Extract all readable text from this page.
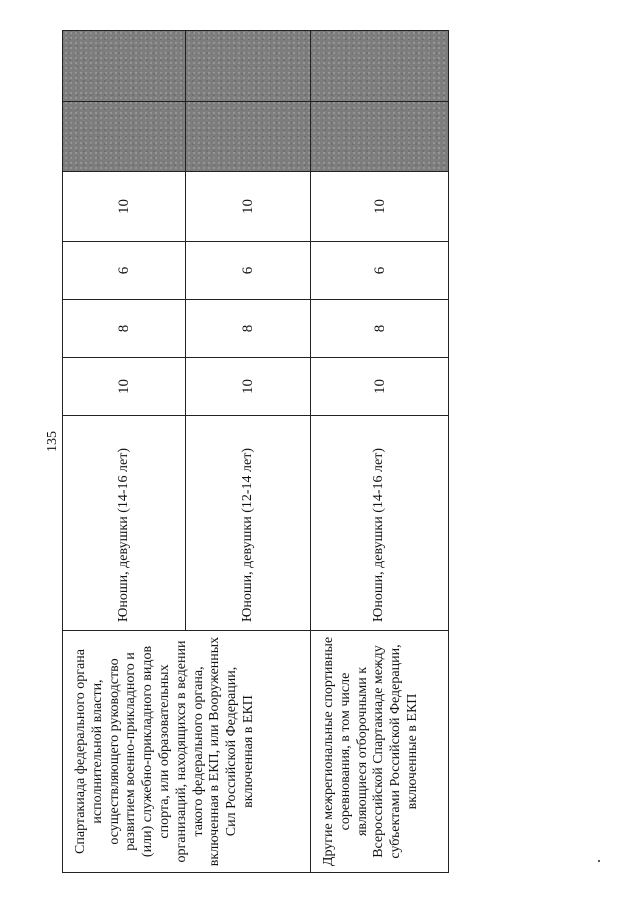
135
Спартакиада федерального органа исполнительной власти, осуществляющего руководство развитием военно-прикладного и (или) служебно-прикладного видов спорта, или образовательных организаций, находящихся в ведении такого федерального органа, включенная в ЕКП, или Вооруженных Сил Российской Федерации, включенная в ЕКП	Юноши, девушки (14-16 лет)	10	8	6	10		
	Юноши, девушки (12-14 лет)	10	8	6	10		
Другие межрегиональные спортивные соревнования, в том числе являющиеся отборочными к Всероссийской Спартакиаде между субъектами Российской Федерации, включенные в ЕКП	Юноши, девушки (14-16 лет)	10	8	6	10		
